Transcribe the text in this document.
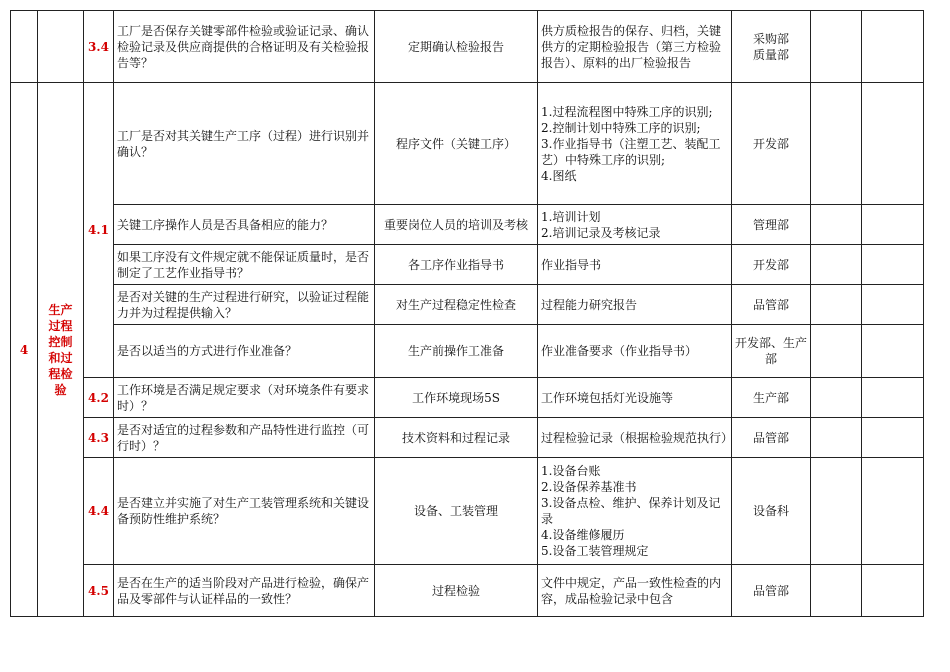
		3.4	工厂是否保存关键零部件检验或验证记录、确认检验记录及供应商提供的合格证明及有关检验报告等？	定期确认检验报告	供方质检报告的保存、归档，关键供方的定期检验报告（第三方检验报告）、原料的出厂检验报告	采购部
质量部		
4	生产过程控制和过程检验	4.1	工厂是否对其关键生产工序（过程）进行识别并确认？	程序文件（关键工序）	1.过程流程图中特殊工序的识别;
2.控制计划中特殊工序的识别;
3.作业指导书（注塑工艺、装配工艺）中特殊工序的识别;
4.图纸	开发部		
			关键工序操作人员是否具备相应的能力？	重要岗位人员的培训及考核	1.培训计划
2.培训记录及考核记录	管理部		
			如果工序没有文件规定就不能保证质量时，是否制定了工艺作业指导书？	各工序作业指导书	作业指导书	开发部		
			是否对关键的生产过程进行研究，以验证过程能力并为过程提供输入？	对生产过程稳定性检查	过程能力研究报告	品管部		
			是否以适当的方式进行作业准备？	生产前操作工准备	作业准备要求（作业指导书）	开发部、生产部		

		4.2	工作环境是否满足规定要求（对环境条件有要求时）？	工作环境现场5S	工作环境包括灯光设施等	生产部		
		4.3	是否对适宜的过程参数和产品特性进行监控（可行时）？	技术资料和过程记录	过程检验记录（根据检验规范执行）	品管部		
		4.4	是否建立并实施了对生产工装管理系统和关键设备预防性维护系统？	设备、工装管理	1.设备台账
2.设备保养基准书
3.设备点检、维护、保养计划及记录
4.设备维修履历
5.设备工装管理规定	设备科		
		4.5	是否在生产的适当阶段对产品进行检验，确保产品及零部件与认证样品的一致性？	过程检验	文件中规定，产品一致性检查的内容，成品检验记录中包含	品管部		
